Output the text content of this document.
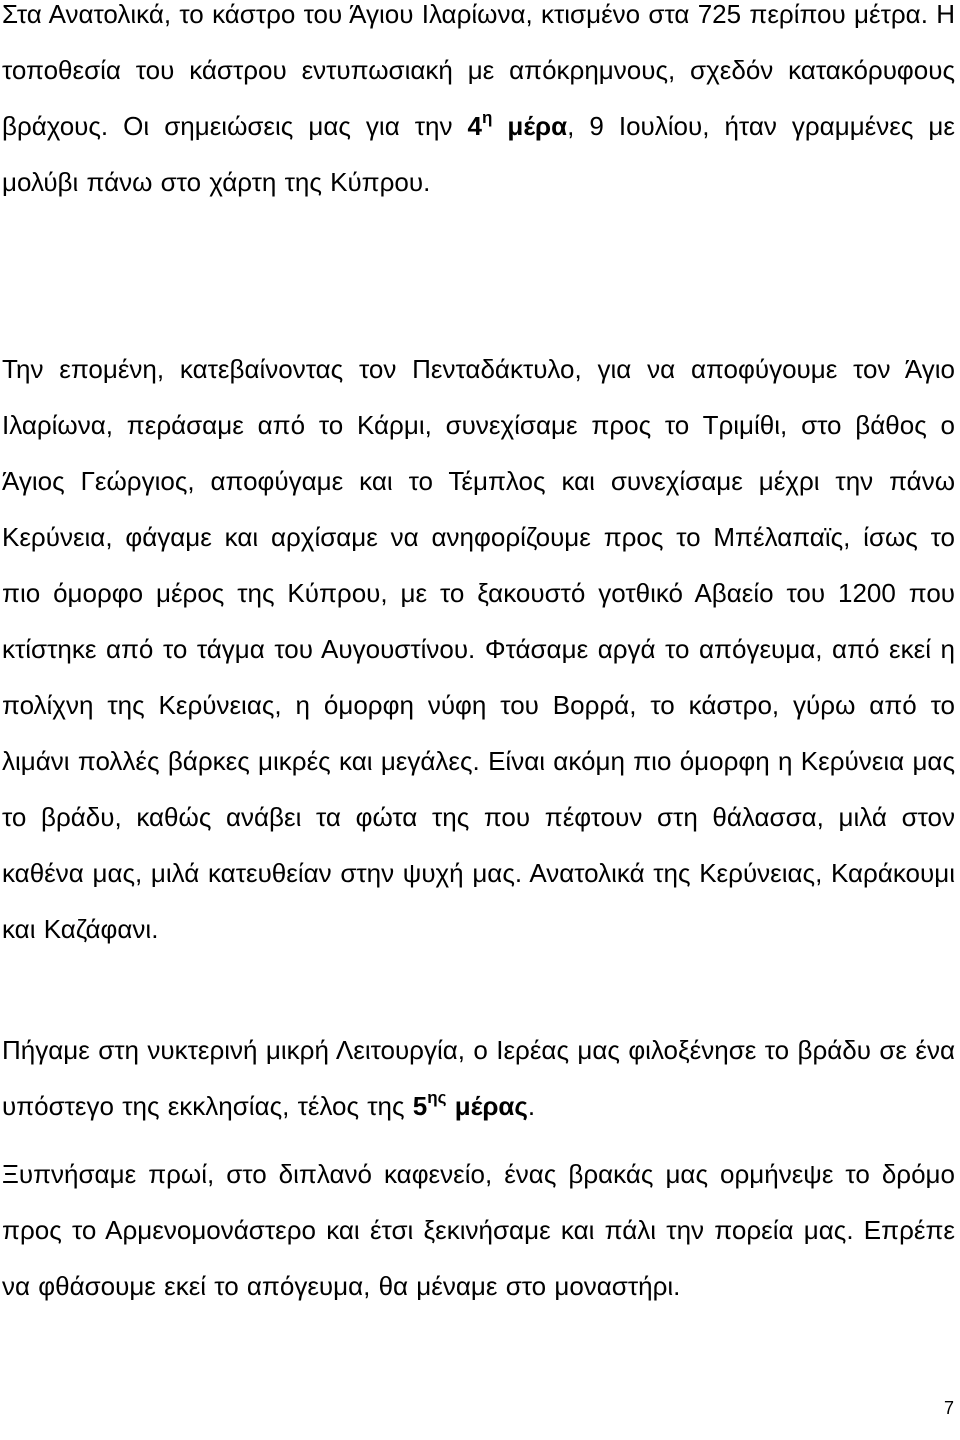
Στα Ανατολικά, το κάστρο του Άγιου Ιλαρίωνα, κτισμένο στα 725 περίπου μέτρα. Η τοποθεσία του κάστρου εντυπωσιακή με απόκρημνους, σχεδόν κατακόρυφους βράχους. Οι σημειώσεις μας για την $4^\eta$ μέρα, 9 Ιουλίου, ήταν γραμμένες με μολύβι πάνω στο χάρτη της Κύπρου.

Την επομένη, κατεβαίνοντας τον Πενταδάκτυλο, για να αποφύγουμε τον Άγιο Ιλαρίωνα, περάσαμε από το Κάρμι, συνεχίσαμε προς το Τριμίθι, στο βάθος ο Άγιος Γεώργιος, αποφύγαμε και το Τέμπλος και συνεχίσαμε μέχρι την πάνω Κερύνεια, φάγαμε και αρχίσαμε να ανηφορίζουμε προς το Μπέλαπαϊς, ίσως το πιο όμορφο μέρος της Κύπρου, με το ξακουστό γοτθικό Αβαείο του 1200 που κτίστηκε από το τάγμα του Αυγουστίνου. Φτάσαμε αργά το απόγευμα, από εκεί η πολίχνη της Κερύνειας, η όμορφη νύφη του Βορρά, το κάστρο, γύρω από το λιμάνι πολλές βάρκες μικρές και μεγάλες. Είναι ακόμη πιο όμορφη η Κερύνεια μας το βράδυ, καθώς ανάβει τα φώτα της που πέφτουν στη θάλασσα, μιλά στον καθένα μας, μιλά κατευθείαν στην ψυχή μας. Ανατολικά της Κερύνειας, Καράκουμι και Καζάφανι.

Πήγαμε στη νυκτερινή μικρή Λειτουργία, ο Ιερέας μας φιλοξένησε το βράδυ σε ένα υπόστεγο της εκκλησίας, τέλος της $5^{\eta\varsigma}$ μέρας.

Ξυπνήσαμε πρωί, στο διπλανό καφενείο, ένας βρακάς μας ορμήνεψε το δρόμο προς το Αρμενομονάστερο και έτσι ξεκινήσαμε και πάλι την πορεία μας. Επρέπε να φθάσουμε εκεί το απόγευμα, θα μέναμε στο μοναστήρι.

7
